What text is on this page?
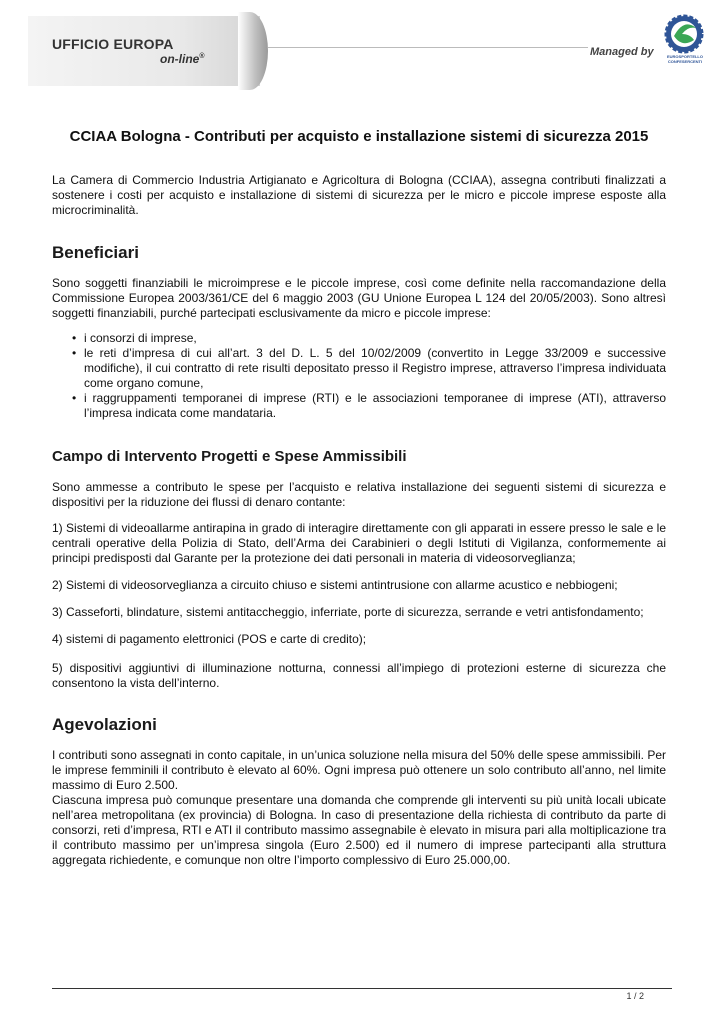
UFFICIO EUROPA
on-line®	Managed by	EUROSPORTELLO CONFESERCENTI
CCIAA Bologna - Contributi per acquisto e installazione sistemi di sicurezza 2015

La Camera di Commercio Industria Artigianato e Agricoltura di Bologna (CCIAA), assegna contributi finalizzati a sostenere i costi per acquisto e installazione di sistemi di sicurezza per le micro e piccole imprese esposte alla microcriminalità.

Beneficiari

Sono soggetti finanziabili le microimprese e le piccole imprese, così come definite nella raccomandazione della Commissione Europea 2003/361/CE del 6 maggio 2003 (GU Unione Europea L 124 del 20/05/2003). Sono altresì soggetti finanziabili, purché partecipati esclusivamente da micro e piccole imprese:

• i consorzi di imprese,
• le reti d’impresa di cui all’art. 3 del D. L. 5 del 10/02/2009 (convertito in Legge 33/2009 e successive modifiche), il cui contratto di rete risulti depositato presso il Registro imprese, attraverso l’impresa individuata come organo comune,
• i raggruppamenti temporanei di imprese (RTI) e le associazioni temporanee di imprese (ATI), attraverso l’impresa indicata come mandataria.
Campo di Intervento Progetti e Spese Ammissibili

Sono ammesse a contributo le spese per l’acquisto e relativa installazione dei seguenti sistemi di sicurezza e dispositivi per la riduzione dei flussi di denaro contante:

1) Sistemi di videoallarme antirapina in grado di interagire direttamente con gli apparati in essere presso le sale e le centrali operative della Polizia di Stato, dell’Arma dei Carabinieri o degli Istituti di Vigilanza, conformemente ai principi predisposti dal Garante per la protezione dei dati personali in materia di videosorveglianza;

2) Sistemi di videosorveglianza a circuito chiuso e sistemi antintrusione con allarme acustico e nebbiogeni;

3) Casseforti, blindature, sistemi antitaccheggio, inferriate, porte di sicurezza, serrande e vetri antisfondamento;

4) sistemi di pagamento elettronici (POS e carte di credito);

5) dispositivi aggiuntivi di illuminazione notturna, connessi all’impiego di protezioni esterne di sicurezza che consentono la vista dell’interno.

Agevolazioni

I contributi sono assegnati in conto capitale, in un’unica soluzione nella misura del 50% delle spese ammissibili. Per le imprese femminili il contributo è elevato al 60%. Ogni impresa può ottenere un solo contributo all’anno, nel limite massimo di Euro 2.500.

Ciascuna impresa può comunque presentare una domanda che comprende gli interventi su più unità locali ubicate nell’area metropolitana (ex provincia) di Bologna. In caso di presentazione della richiesta di contributo da parte di consorzi, reti d’impresa, RTI e ATI il contributo massimo assegnabile è elevato in misura pari alla moltiplicazione tra il contributo massimo per un’impresa singola (Euro 2.500) ed il numero di imprese partecipanti alla struttura aggregata richiedente, e comunque non oltre l’importo complessivo di Euro 25.000,00.

1 / 2
